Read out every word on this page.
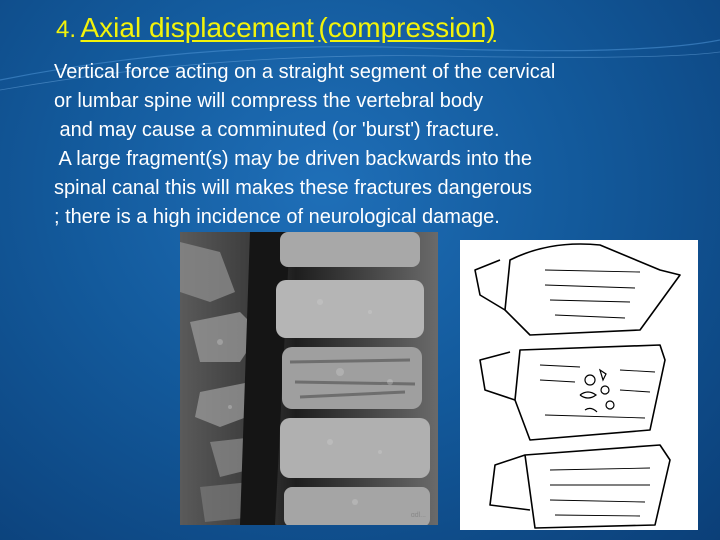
4. Axial displacement (compression)
Vertical force acting on a straight segment of the cervical
or lumbar spine will compress the vertebral body
and may cause a comminuted (or 'burst') fracture.
A large fragment(s) may be driven backwards into the
spinal canal this will makes these fractures dangerous
; there is a high incidence of neurological damage.
ɑdl...
